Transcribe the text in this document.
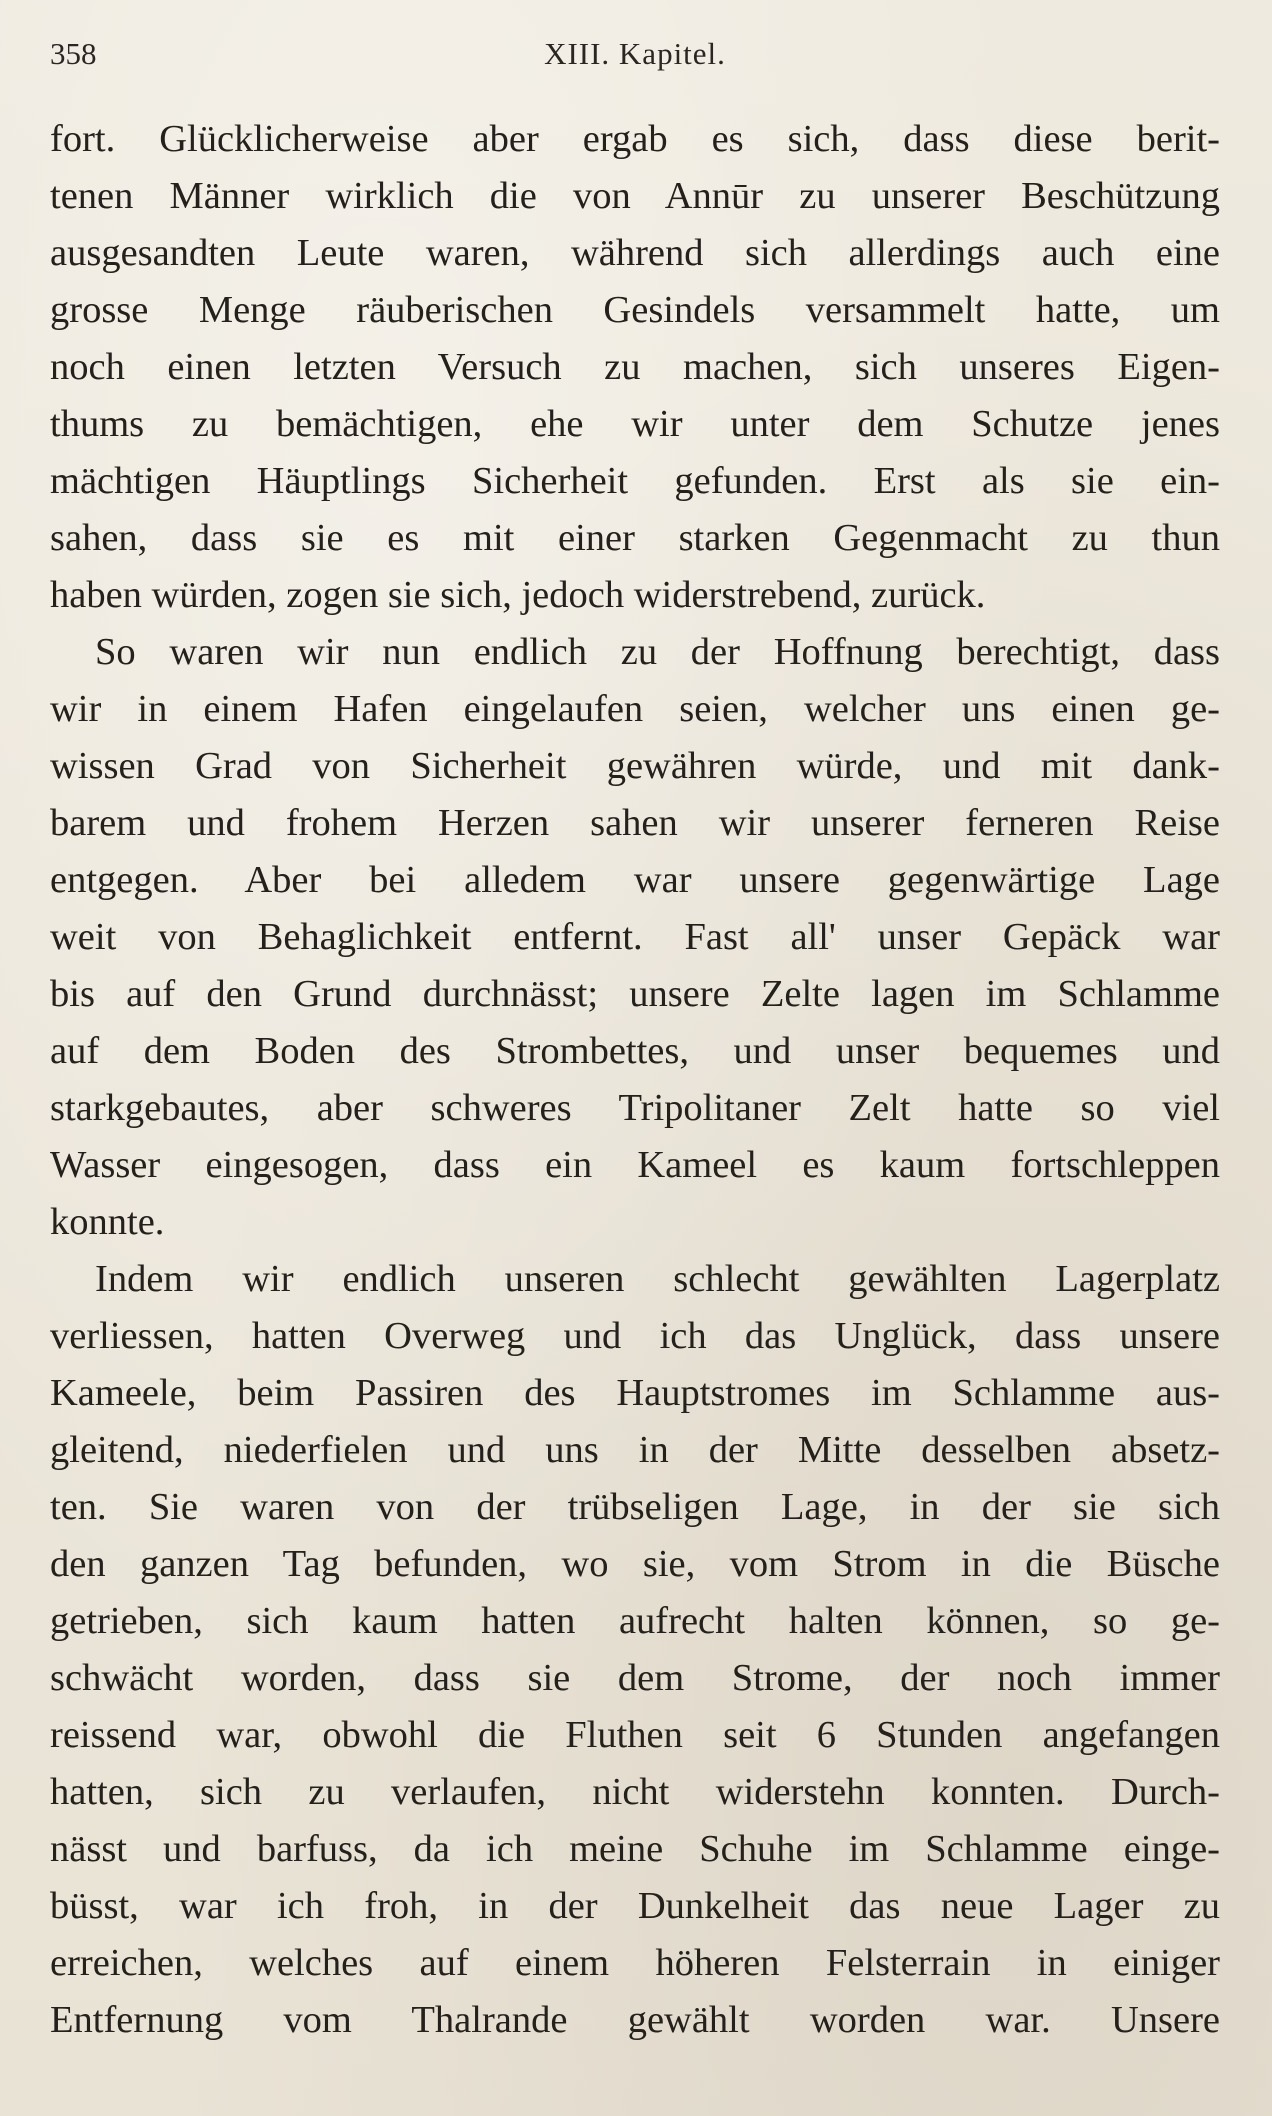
358	XIII. Kapitel.
fort. Glücklicherweise aber ergab es sich, dass diese berit-
tenen Männer wirklich die von Annūr zu unserer Beschützung
ausgesandten Leute waren, während sich allerdings auch eine
grosse Menge räuberischen Gesindels versammelt hatte, um
noch einen letzten Versuch zu machen, sich unseres Eigen-
thums zu bemächtigen, ehe wir unter dem Schutze jenes
mächtigen Häuptlings Sicherheit gefunden. Erst als sie ein-
sahen, dass sie es mit einer starken Gegenmacht zu thun
haben würden, zogen sie sich, jedoch widerstrebend, zurück.
So waren wir nun endlich zu der Hoffnung berechtigt, dass
wir in einem Hafen eingelaufen seien, welcher uns einen ge-
wissen Grad von Sicherheit gewähren würde, und mit dank-
barem und frohem Herzen sahen wir unserer ferneren Reise
entgegen. Aber bei alledem war unsere gegenwärtige Lage
weit von Behaglichkeit entfernt. Fast all' unser Gepäck war
bis auf den Grund durchnässt; unsere Zelte lagen im Schlamme
auf dem Boden des Strombettes, und unser bequemes und
starkgebautes, aber schweres Tripolitaner Zelt hatte so viel
Wasser eingesogen, dass ein Kameel es kaum fortschleppen
konnte.
Indem wir endlich unseren schlecht gewählten Lagerplatz
verliessen, hatten Overweg und ich das Unglück, dass unsere
Kameele, beim Passiren des Hauptstromes im Schlamme aus-
gleitend, niederfielen und uns in der Mitte desselben absetz-
ten. Sie waren von der trübseligen Lage, in der sie sich
den ganzen Tag befunden, wo sie, vom Strom in die Büsche
getrieben, sich kaum hatten aufrecht halten können, so ge-
schwächt worden, dass sie dem Strome, der noch immer
reissend war, obwohl die Fluthen seit 6 Stunden angefangen
hatten, sich zu verlaufen, nicht widerstehn konnten. Durch-
nässt und barfuss, da ich meine Schuhe im Schlamme einge-
büsst, war ich froh, in der Dunkelheit das neue Lager zu
erreichen, welches auf einem höheren Felsterrain in einiger
Entfernung vom Thalrande gewählt worden war. Unsere
